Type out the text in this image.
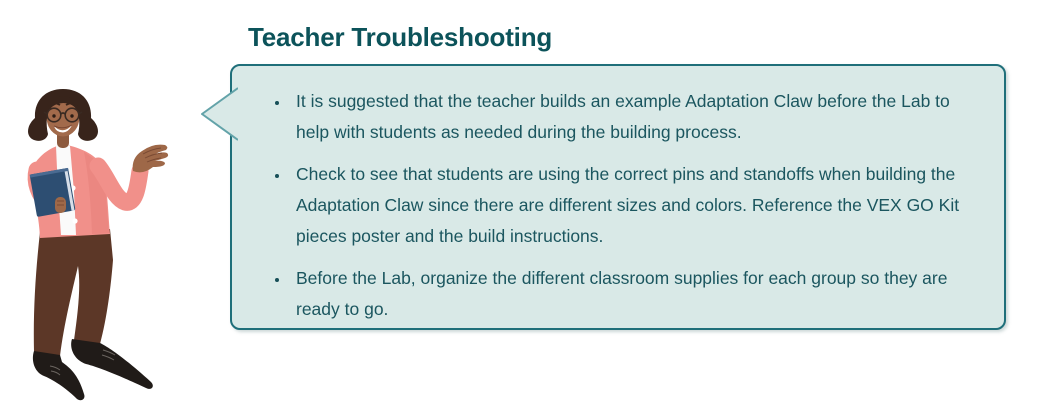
Teacher Troubleshooting
• It is suggested that the teacher builds an example Adaptation Claw before the Lab to help with students as needed during the building process.
• Check to see that students are using the correct pins and standoffs when building the Adaptation Claw since there are different sizes and colors. Reference the VEX GO Kit pieces poster and the build instructions.
• Before the Lab, organize the different classroom supplies for each group so they are ready to go.
